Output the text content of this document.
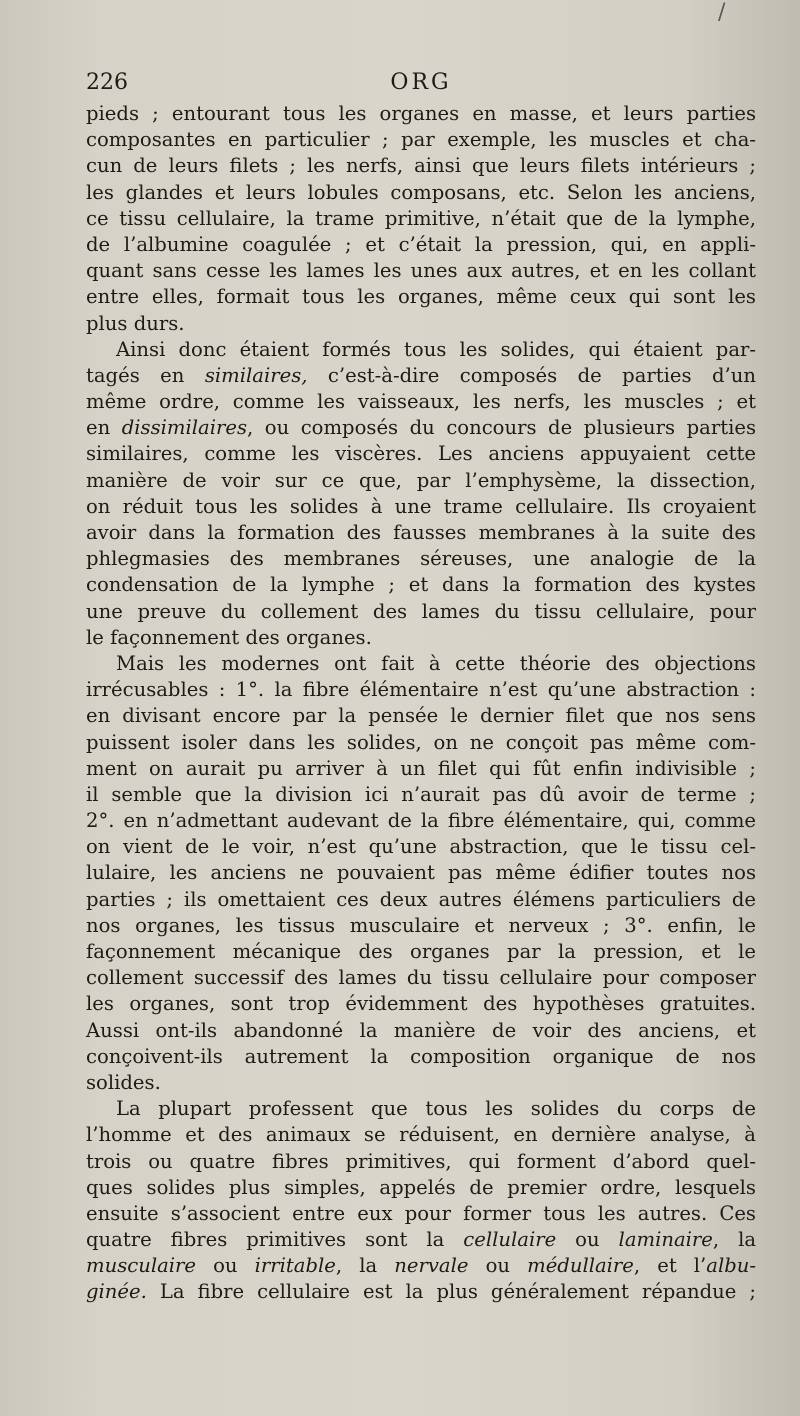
/
226	ORG
pieds ; entourant tous les organes en masse, et leurs parties
composantes en particulier ; par exemple, les muscles et cha-
cun de leurs filets ; les nerfs, ainsi que leurs filets intérieurs ;
les glandes et leurs lobules composans, etc. Selon les anciens,
ce tissu cellulaire, la trame primitive, n’était que de la lymphe,
de l’albumine coagulée ; et c’était la pression, qui, en appli-
quant sans cesse les lames les unes aux autres, et en les collant
entre elles, formait tous les organes, même ceux qui sont les
plus durs.
Ainsi donc étaient formés tous les solides, qui étaient par-
tagés en similaires, c’est-à-dire composés de parties d’un
même ordre, comme les vaisseaux, les nerfs, les muscles ; et
en dissimilaires, ou composés du concours de plusieurs parties
similaires, comme les viscères. Les anciens appuyaient cette
manière de voir sur ce que, par l’emphysème, la dissection,
on réduit tous les solides à une trame cellulaire. Ils croyaient
avoir dans la formation des fausses membranes à la suite des
phlegmasies des membranes séreuses, une analogie de la
condensation de la lymphe ; et dans la formation des kystes
une preuve du collement des lames du tissu cellulaire, pour
le façonnement des organes.
Mais les modernes ont fait à cette théorie des objections
irrécusables : 1°. la fibre élémentaire n’est qu’une abstraction :
en divisant encore par la pensée le dernier filet que nos sens
puissent isoler dans les solides, on ne conçoit pas même com-
ment on aurait pu arriver à un filet qui fût enfin indivisible ;
il semble que la division ici n’aurait pas dû avoir de terme ;
2°. en n’admettant audevant de la fibre élémentaire, qui, comme
on vient de le voir, n’est qu’une abstraction, que le tissu cel-
lulaire, les anciens ne pouvaient pas même édifier toutes nos
parties ; ils omettaient ces deux autres élémens particuliers de
nos organes, les tissus musculaire et nerveux ; 3°. enfin, le
façonnement mécanique des organes par la pression, et le
collement successif des lames du tissu cellulaire pour composer
les organes, sont trop évidemment des hypothèses gratuites.
Aussi ont-ils abandonné la manière de voir des anciens, et
conçoivent-ils autrement la composition organique de nos
solides.
La plupart professent que tous les solides du corps de
l’homme et des animaux se réduisent, en dernière analyse, à
trois ou quatre fibres primitives, qui forment d’abord quel-
ques solides plus simples, appelés de premier ordre, lesquels
ensuite s’associent entre eux pour former tous les autres. Ces
quatre fibres primitives sont la cellulaire ou laminaire, la
musculaire ou irritable, la nervale ou médullaire, et l’albu-
ginée. La fibre cellulaire est la plus généralement répandue ;
